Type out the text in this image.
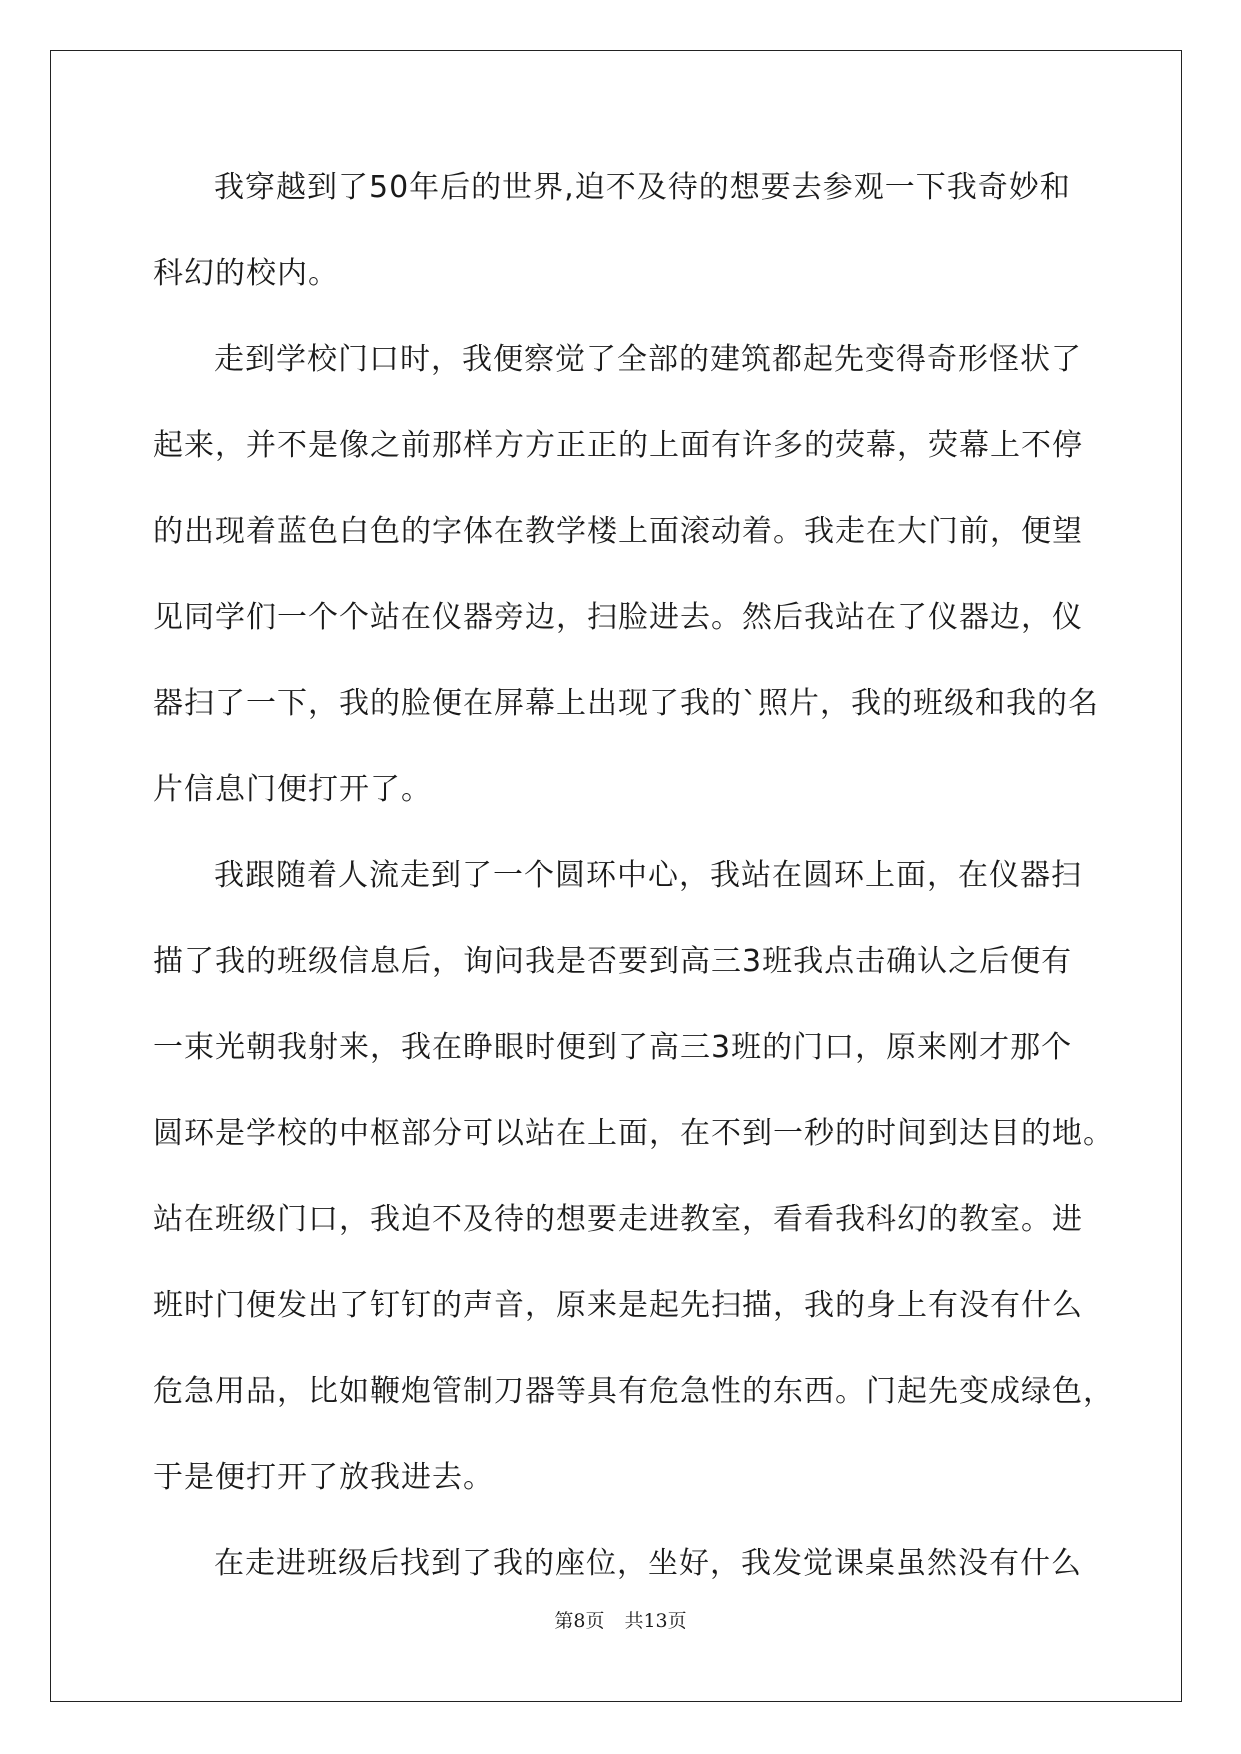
我穿越到了50年后的世界,迫不及待的想要去参观一下我奇妙和
科幻的校内。
走到学校门口时，我便察觉了全部的建筑都起先变得奇形怪状了
起来，并不是像之前那样方方正正的上面有许多的荧幕，荧幕上不停
的出现着蓝色白色的字体在教学楼上面滚动着。我走在大门前，便望
见同学们一个个站在仪器旁边，扫脸进去。然后我站在了仪器边，仪
器扫了一下，我的脸便在屏幕上出现了我的`照片，我的班级和我的名
片信息门便打开了。
我跟随着人流走到了一个圆环中心，我站在圆环上面，在仪器扫
描了我的班级信息后，询问我是否要到高三3班我点击确认之后便有
一束光朝我射来，我在睁眼时便到了高三3班的门口，原来刚才那个
圆环是学校的中枢部分可以站在上面，在不到一秒的时间到达目的地。
站在班级门口，我迫不及待的想要走进教室，看看我科幻的教室。进
班时门便发出了钉钉的声音，原来是起先扫描，我的身上有没有什么
危急用品，比如鞭炮管制刀器等具有危急性的东西。门起先变成绿色，
于是便打开了放我进去。
在走进班级后找到了我的座位，坐好，我发觉课桌虽然没有什么
第8页 共13页
